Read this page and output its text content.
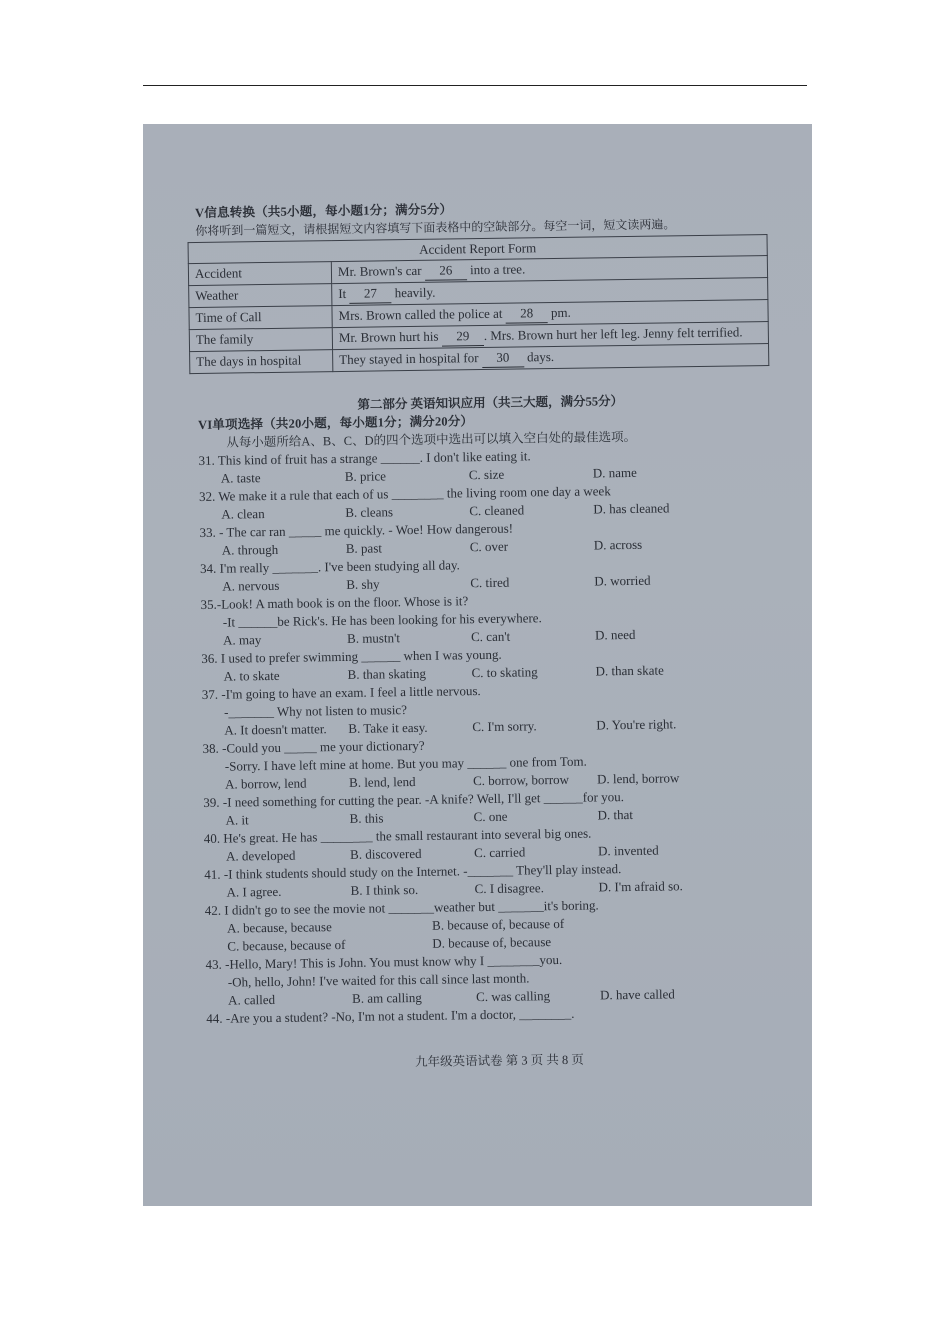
V信息转换（共5小题，每小题1分；满分5分）
你将听到一篇短文，请根据短文内容填写下面表格中的空缺部分。每空一词，短文读两遍。
Accident Report Form	
Accident	Mr. Brown's car 26 into a tree.
Weather	It 27 heavily.
Time of Call	Mrs. Brown called the police at 28 pm.
The family	Mr. Brown hurt his 29 . Mrs. Brown hurt her left leg. Jenny felt terrified.
The days in hospital	They stayed in hospital for 30 days.
第二部分 英语知识应用（共三大题，满分55分）
VI单项选择（共20小题，每小题1分；满分20分）
从每小题所给A、B、C、D的四个选项中选出可以填入空白处的最佳选项。
31. This kind of fruit has a strange ______. I don't like eating it.
A. taste	B. price	C. size	D. name
32. We make it a rule that each of us ________ the living room one day a week
A. clean	B. cleans	C. cleaned	D. has cleaned
33. - The car ran _____ me quickly. - Woe! How dangerous!
A. through	B. past	C. over	D. across
34. I'm really _______. I've been studying all day.
A. nervous	B. shy	C. tired	D. worried
35.-Look! A math book is on the floor. Whose is it?
-It ______be Rick's. He has been looking for his everywhere.
A. may	B. mustn't	C. can't	D. need
36. I used to prefer swimming ______ when I was young.
A. to skate	B. than skating	C. to skating	D. than skate
37. -I'm going to have an exam. I feel a little nervous.
-_______ Why not listen to music?
A. It doesn't matter.	B. Take it easy.	C. I'm sorry.	D. You're right.
38. -Could you _____ me your dictionary?
-Sorry. I have left mine at home. But you may ______ one from Tom.
A. borrow, lend	B. lend, lend	C. borrow, borrow	D. lend, borrow
39. -I need something for cutting the pear. -A knife? Well, I'll get ______for you.
A. it	B. this	C. one	D. that
40. He's great. He has ________ the small restaurant into several big ones.
A. developed	B. discovered	C. carried	D. invented
41. -I think students should study on the Internet. -_______ They'll play instead.
A. I agree.	B. I think so.	C. I disagree.	D. I'm afraid so.
42. I didn't go to see the movie not _______weather but _______it's boring.
A. because, because	B. because of, because of
C. because, because of	D. because of, because
43. -Hello, Mary! This is John. You must know why I ________you.
-Oh, hello, John! I've waited for this call since last month.
A. called	B. am calling	C. was calling	D. have called
44. -Are you a student? -No, I'm not a student. I'm a doctor, ________.
九年级英语试卷 第 3 页 共 8 页
